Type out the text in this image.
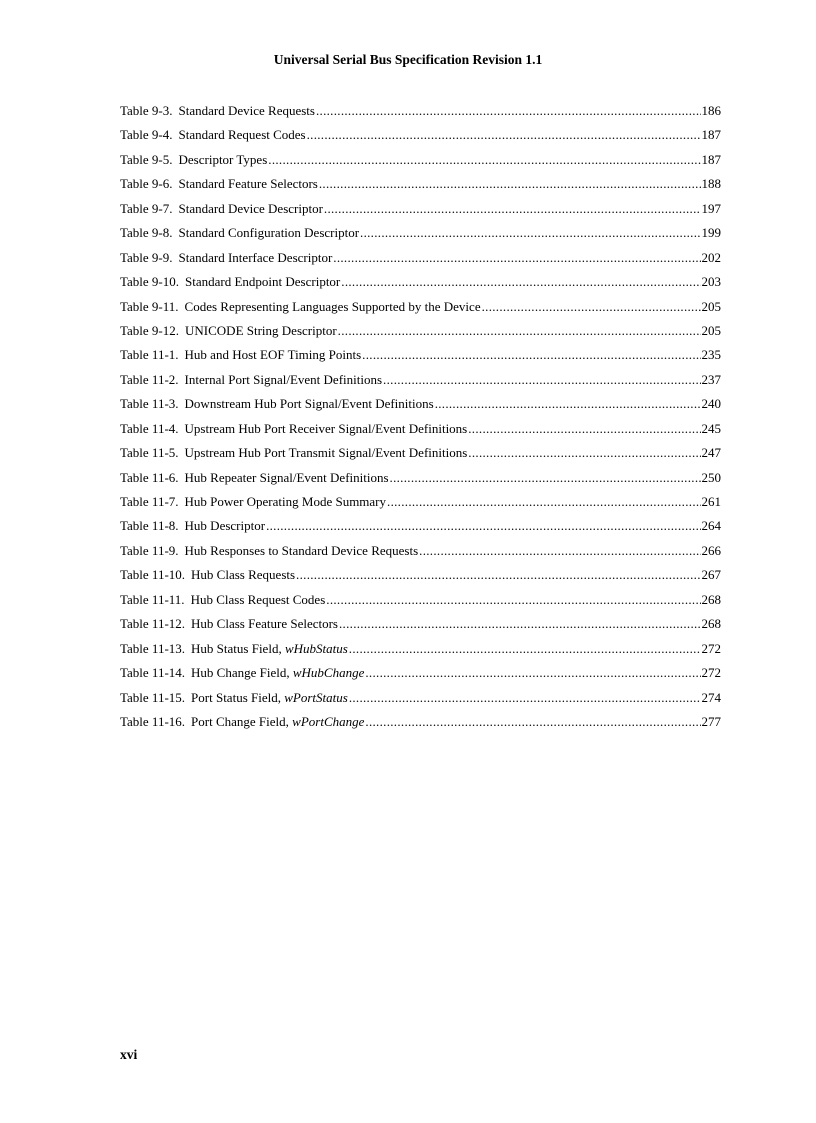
Universal Serial Bus Specification Revision 1.1
Table 9-3. Standard Device Requests .....	186
Table 9-4. Standard Request Codes .....	187
Table 9-5. Descriptor Types .....	187
Table 9-6. Standard Feature Selectors .....	188
Table 9-7. Standard Device Descriptor .....	197
Table 9-8. Standard Configuration Descriptor .....	199
Table 9-9. Standard Interface Descriptor .....	202
Table 9-10. Standard Endpoint Descriptor .....	203
Table 9-11. Codes Representing Languages Supported by the Device .....	205
Table 9-12. UNICODE String Descriptor .....	205
Table 11-1. Hub and Host EOF Timing Points .....	235
Table 11-2. Internal Port Signal/Event Definitions .....	237
Table 11-3. Downstream Hub Port Signal/Event Definitions .....	240
Table 11-4. Upstream Hub Port Receiver Signal/Event Definitions .....	245
Table 11-5. Upstream Hub Port Transmit Signal/Event Definitions .....	247
Table 11-6. Hub Repeater Signal/Event Definitions .....	250
Table 11-7. Hub Power Operating Mode Summary .....	261
Table 11-8. Hub Descriptor .....	264
Table 11-9. Hub Responses to Standard Device Requests .....	266
Table 11-10. Hub Class Requests .....	267
Table 11-11. Hub Class Request Codes .....	268
Table 11-12. Hub Class Feature Selectors .....	268
Table 11-13. Hub Status Field, wHubStatus .....	272
Table 11-14. Hub Change Field, wHubChange .....	272
Table 11-15. Port Status Field, wPortStatus .....	274
Table 11-16. Port Change Field, wPortChange .....	277
xvi
